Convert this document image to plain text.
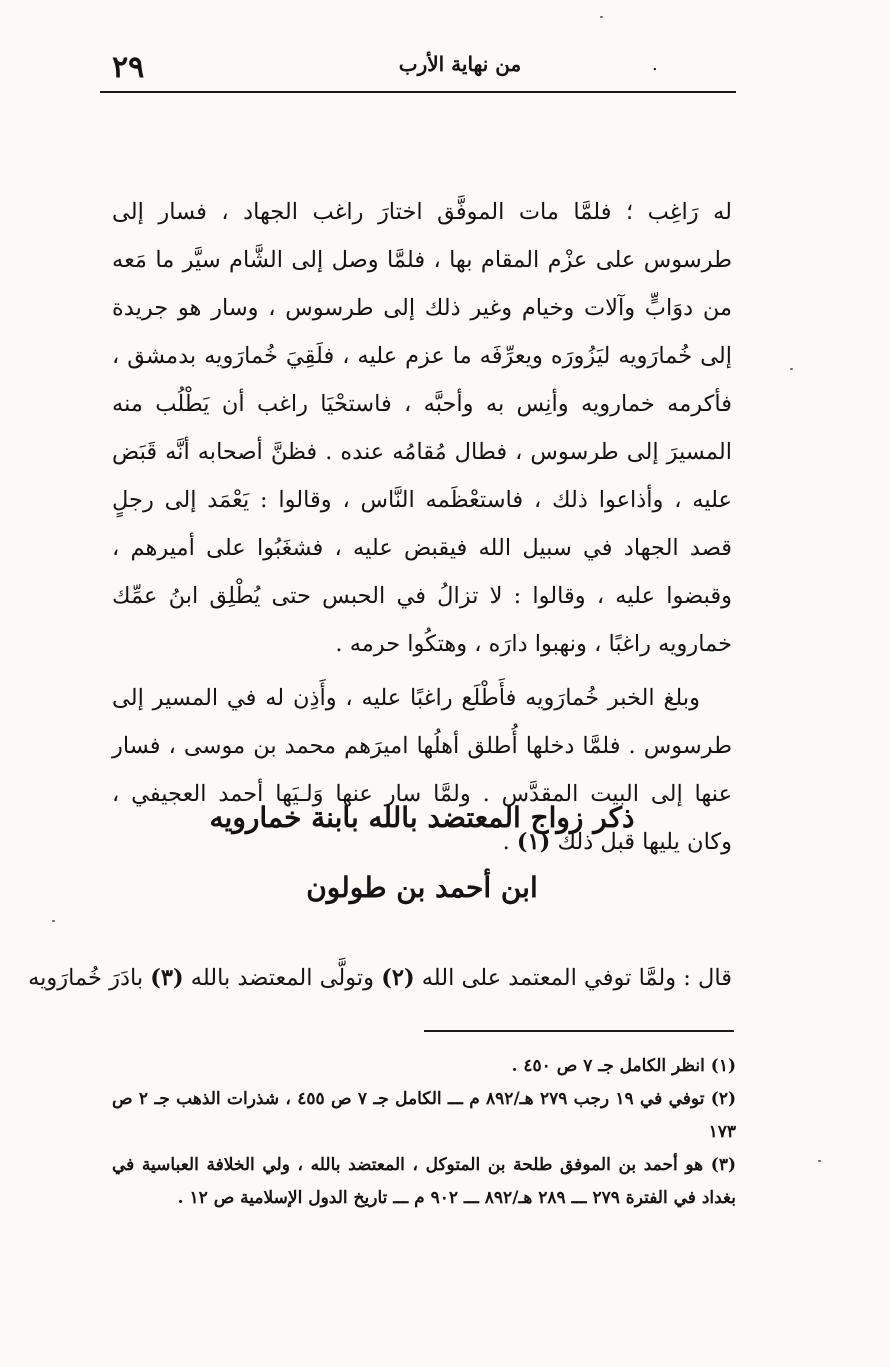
٢٩	من نهاية الأرب	.

له رَاغِب ؛ فلمَّا مات الموفَّق اختارَ راغب الجهاد ، فسار إلى طرسوس على عزْم المقام بها ، فلمَّا وصل إلى الشَّام سيَّر ما مَعه من دوَابٍّ وآلات وخيام وغير ذلك إلى طرسوس ، وسار هو جريدة إلى خُمارَويه ليَزُورَه ويعرِّفَه ما عزم عليه ، فلَقِيَ خُمارَويه بدمشق ، فأكرمه خمارويه وأنِس به وأحبَّه ، فاستحْيَا راغب أن يَطْلُب منه المسيرَ إلى طرسوس ، فطال مُقامُه عنده . فظنَّ أصحابه أنَّه قَبَض عليه ، وأذاعوا ذلك ، فاستعْظَمه النَّاس ، وقالوا : يَعْمَد إلى رجلٍ قصد الجهاد في سبيل الله فيقبض عليه ، فشغَبُوا على أميرهم ، وقبضوا عليه ، وقالوا : لا تزالُ في الحبس حتى يُطْلِق ابنُ عمِّك خمارويه راغبًا ، ونهبوا دارَه ، وهتكُوا حرمه .

وبلغ الخبر خُمارَويه فأَطْلَع راغبًا عليه ، وأَذِن له في المسير إلى طرسوس . فلمَّا دخلها أُطلق أهلُها اميرَهم محمد بن موسى ، فسار عنها إلى البيت المقدَّس . ولمَّا سار عنها وَلـيَها أحمد العجيفي ، وكان يليها قبل ذلك (١) .

ذكر زواج المعتضد بالله بابنة خمارويه
ابن أحمد بن طولون
قال : ولمَّا توفي المعتمد على الله (٢) وتولَّى المعتضد بالله (٣) بادَرَ خُمارَويه

(١) انظر الكامل جـ ٧ ص ٤٥٠ .

(٢) توفي في ١٩ رجب ٢٧٩ هـ/٨٩٢ م ـــ الكامل جـ ٧ ص ٤٥٥ ، شذرات الذهب جـ ٢ ص ١٧٣

(٣) هو أحمد بن الموفق طلحة بن المتوكل ، المعتضد بالله ، ولي الخلافة العباسية في بغداد في الفترة ٢٧٩ ـــ ٢٨٩ هـ/٨٩٢ ـــ ٩٠٢ م ـــ تاريخ الدول الإسلامية ص ١٢ .
